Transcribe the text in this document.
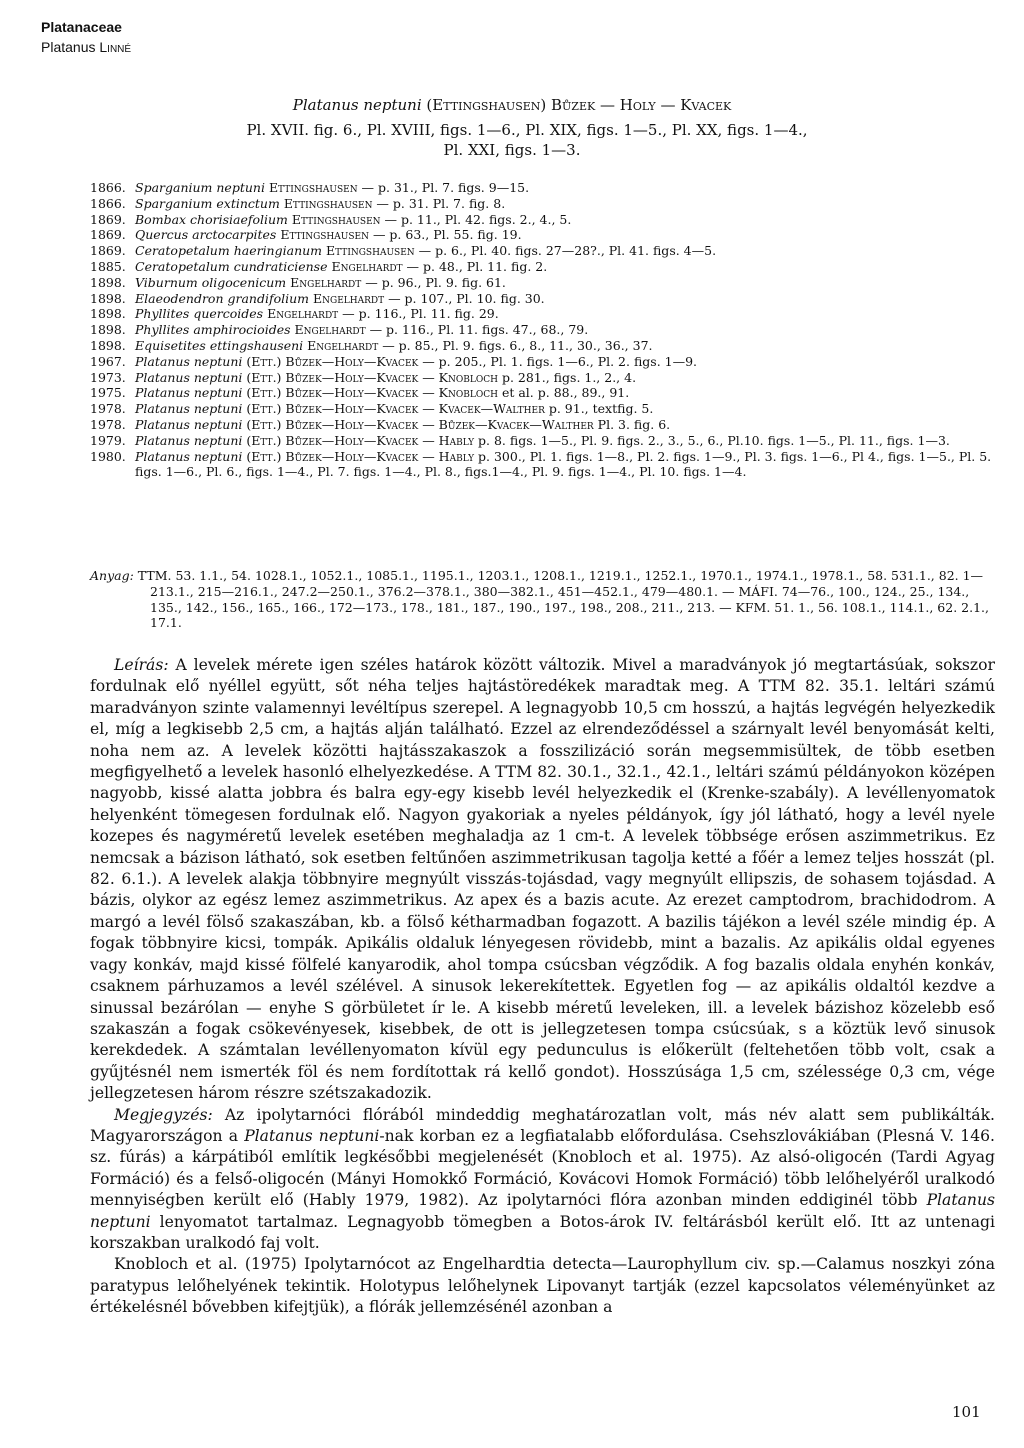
Platanaceae
Platanus Linné
Platanus neptuni (Ettingshausen) Bůzek — Holy — Kvacek
Pl. XVII. fig. 6., Pl. XVIII, figs. 1—6., Pl. XIX, figs. 1—5., Pl. XX, figs. 1—4.,
Pl. XXI, figs. 1—3.
1866. Sparganium neptuni Ettingshausen — p. 31., Pl. 7. figs. 9—15.
1866. Sparganium extinctum Ettingshausen — p. 31. Pl. 7. fig. 8.
1869. Bombax chorisiaefolium Ettingshausen — p. 11., Pl. 42. figs. 2., 4., 5.
1869. Quercus arctocarpites Ettingshausen — p. 63., Pl. 55. fig. 19.
1869. Ceratopetalum haeringianum Ettingshausen — p. 6., Pl. 40. figs. 27—28?., Pl. 41. figs. 4—5.
1885. Ceratopetalum cundraticiense Engelhardt — p. 48., Pl. 11. fig. 2.
1898. Viburnum oligocenicum Engelhardt — p. 96., Pl. 9. fig. 61.
1898. Elaeodendron grandifolium Engelhardt — p. 107., Pl. 10. fig. 30.
1898. Phyllites quercoides Engelhardt — p. 116., Pl. 11. fig. 29.
1898. Phyllites amphirocioides Engelhardt — p. 116., Pl. 11. figs. 47., 68., 79.
1898. Equisetites ettingshauseni Engelhardt — p. 85., Pl. 9. figs. 6., 8., 11., 30., 36., 37.
1967. Platanus neptuni (Ett.) Bůzek—Holy—Kvacek — p. 205., Pl. 1. figs. 1—6., Pl. 2. figs. 1—9.
1973. Platanus neptuni (Ett.) Bůzek—Holy—Kvacek — Knobloch p. 281., figs. 1., 2., 4.
1975. Platanus neptuni (Ett.) Bůzek—Holy—Kvacek — Knobloch et al. p. 88., 89., 91.
1978. Platanus neptuni (Ett.) Bůzek—Holy—Kvacek — Kvacek—Walther p. 91., textfig. 5.
1978. Platanus neptuni (Ett.) Bůzek—Holy—Kvacek — Bůzek—Kvacek—Walther Pl. 3. fig. 6.
1979. Platanus neptuni (Ett.) Bůzek—Holy—Kvacek — Hably p. 8. figs. 1—5., Pl. 9. figs. 2., 3., 5., 6., Pl.10. figs. 1—5., Pl. 11., figs. 1—3.
1980. Platanus neptuni (Ett.) Bůzek—Holy—Kvacek — Hably p. 300., Pl. 1. figs. 1—8., Pl. 2. figs. 1—9., Pl. 3. figs. 1—6., Pl 4., figs. 1—5., Pl. 5. figs. 1—6., Pl. 6., figs. 1—4., Pl. 7. figs. 1—4., Pl. 8., figs.1—4., Pl. 9. figs. 1—4., Pl. 10. figs. 1—4.
Anyag: TTM. 53. 1.1., 54. 1028.1., 1052.1., 1085.1., 1195.1., 1203.1., 1208.1., 1219.1., 1252.1., 1970.1., 1974.1., 1978.1., 58. 531.1., 82. 1—213.1., 215—216.1., 247.2—250.1., 376.2—378.1., 380—382.1., 451—452.1., 479—480.1. — MÁFI. 74—76., 100., 124., 25., 134., 135., 142., 156., 165., 166., 172—173., 178., 181., 187., 190., 197., 198., 208., 211., 213. — KFM. 51. 1., 56. 108.1., 114.1., 62. 2.1., 17.1.

Leírás: A levelek mérete igen széles határok között változik. Mivel a maradványok jó megtartásúak, sokszor fordulnak elő nyéllel együtt, sőt néha teljes hajtástöredékek maradtak meg. A TTM 82. 35.1. leltári számú maradványon szinte valamennyi levéltípus szerepel. A legnagyobb 10,5 cm hosszú, a hajtás legvégén helyezkedik el, míg a legkisebb 2,5 cm, a hajtás alján található. Ezzel az elrendeződéssel a szárnyalt levél benyomását kelti, noha nem az. A levelek közötti hajtásszakaszok a fosszilizáció során megsemmisültek, de több esetben megfigyelhető a levelek hasonló elhelyezkedése. A TTM 82. 30.1., 32.1., 42.1., leltári számú példányokon középen nagyobb, kissé alatta jobbra és balra egy-egy kisebb levél helyezkedik el (Krenke-szabály). A levéllenyomatok helyenként tömegesen fordulnak elő. Nagyon gyakoriak a nyeles példányok, így jól látható, hogy a levél nyele kozepes és nagyméretű levelek esetében meghaladja az 1 cm-t. A levelek többsége erősen aszimmetrikus. Ez nemcsak a bázison látható, sok esetben feltűnően aszimmetrikusan tagolja ketté a főér a lemez teljes hosszát (pl. 82. 6.1.). A levelek alakja többnyire megnyúlt visszás-tojásdad, vagy megnyúlt ellipszis, de sohasem tojásdad. A bázis, olykor az egész lemez aszimmetrikus. Az apex és a bazis acute. Az erezet camptodrom, brachidodrom. A margó a levél fölső szakaszában, kb. a fölső kétharmadban fogazott. A bazilis tájékon a levél széle mindig ép. A fogak többnyire kicsi, tompák. Apikális oldaluk lényegesen rövidebb, mint a bazalis. Az apikális oldal egyenes vagy konkáv, majd kissé fölfelé kanyarodik, ahol tompa csúcsban végződik. A fog bazalis oldala enyhén konkáv, csaknem párhuzamos a levél szélével. A sinusok lekerekítettek. Egyetlen fog — az apikális oldaltól kezdve a sinussal bezárólan — enyhe S görbületet ír le. A kisebb méretű leveleken, ill. a levelek bázishoz közelebb eső szakaszán a fogak csökevényesek, kisebbek, de ott is jellegzetesen tompa csúcsúak, s a köztük levő sinusok kerekdedek. A számtalan levéllenyomaton kívül egy pedunculus is előkerült (feltehetően több volt, csak a gyűjtésnél nem ismerték föl és nem fordítottak rá kellő gondot). Hosszúsága 1,5 cm, szélessége 0,3 cm, vége jellegzetesen három részre szétszakadozik.

Megjegyzés: Az ipolytarnóci flórából mindeddig meghatározatlan volt, más név alatt sem publikálták. Magyarországon a Platanus neptuni-nak korban ez a legfiatalabb előfordulása. Csehszlovákiában (Plesná V. 146. sz. fúrás) a kárpátiból említik legkésőbbi megjelenését (Knobloch et al. 1975). Az alsó-oligocén (Tardi Agyag Formáció) és a felső-oligocén (Mányi Homokkő Formáció, Kovácovi Homok Formáció) több lelőhelyéről uralkodó mennyiségben került elő (Hably 1979, 1982). Az ipolytarnóci flóra azonban minden eddiginél több Platanus neptuni lenyomatot tartalmaz. Legnagyobb tömegben a Botos-árok IV. feltárásból került elő. Itt az untenagi korszakban uralkodó faj volt.

Knobloch et al. (1975) Ipolytarnócot az Engelhardtia detecta—Laurophyllum civ. sp.—Calamus noszkyi zóna paratypus lelőhelyének tekintik. Holotypus lelőhelynek Lipovanyt tartják (ezzel kapcsolatos véleményünket az értékelésnél bővebben kifejtjük), a flórák jellemzésénél azonban a

101
